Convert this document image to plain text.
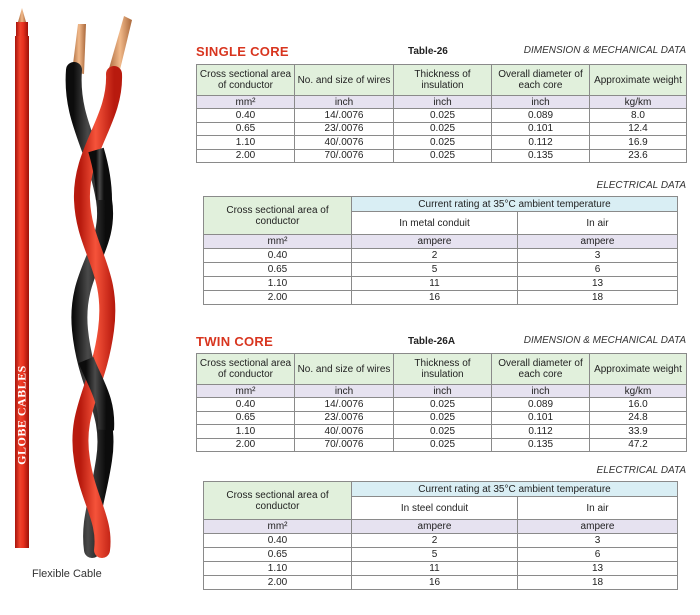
GLOBE CABLES
Flexible Cable
SINGLE CORE	Table-26	DIMENSION & MECHANICAL DATA
Cross sectional area of conductor	No. and size of wires	Thickness of insulation	Overall diameter of each core	Approximate weight
mm²	inch	inch	inch	kg/km
0.40	14/.0076	0.025	0.089	8.0
0.65	23/.0076	0.025	0.101	12.4
1.10	40/.0076	0.025	0.112	16.9
2.00	70/.0076	0.025	0.135	23.6
ELECTRICAL DATA
Cross sectional area of conductor	Current rating at 35°C ambient temperature	
	In metal conduit	In air
mm²	ampere	ampere
0.40	2	3
0.65	5	6
1.10	11	13
2.00	16	18
TWIN CORE	Table-26A	DIMENSION & MECHANICAL DATA
Cross sectional area of conductor	No. and size of wires	Thickness of insulation	Overall diameter of each core	Approximate weight
mm²	inch	inch	inch	kg/km
0.40	14/.0076	0.025	0.089	16.0
0.65	23/.0076	0.025	0.101	24.8
1.10	40/.0076	0.025	0.112	33.9
2.00	70/.0076	0.025	0.135	47.2
ELECTRICAL DATA
Cross sectional area of conductor	Current rating at 35°C ambient temperature	
	In steel conduit	In air
mm²	ampere	ampere
0.40	2	3
0.65	5	6
1.10	11	13
2.00	16	18
